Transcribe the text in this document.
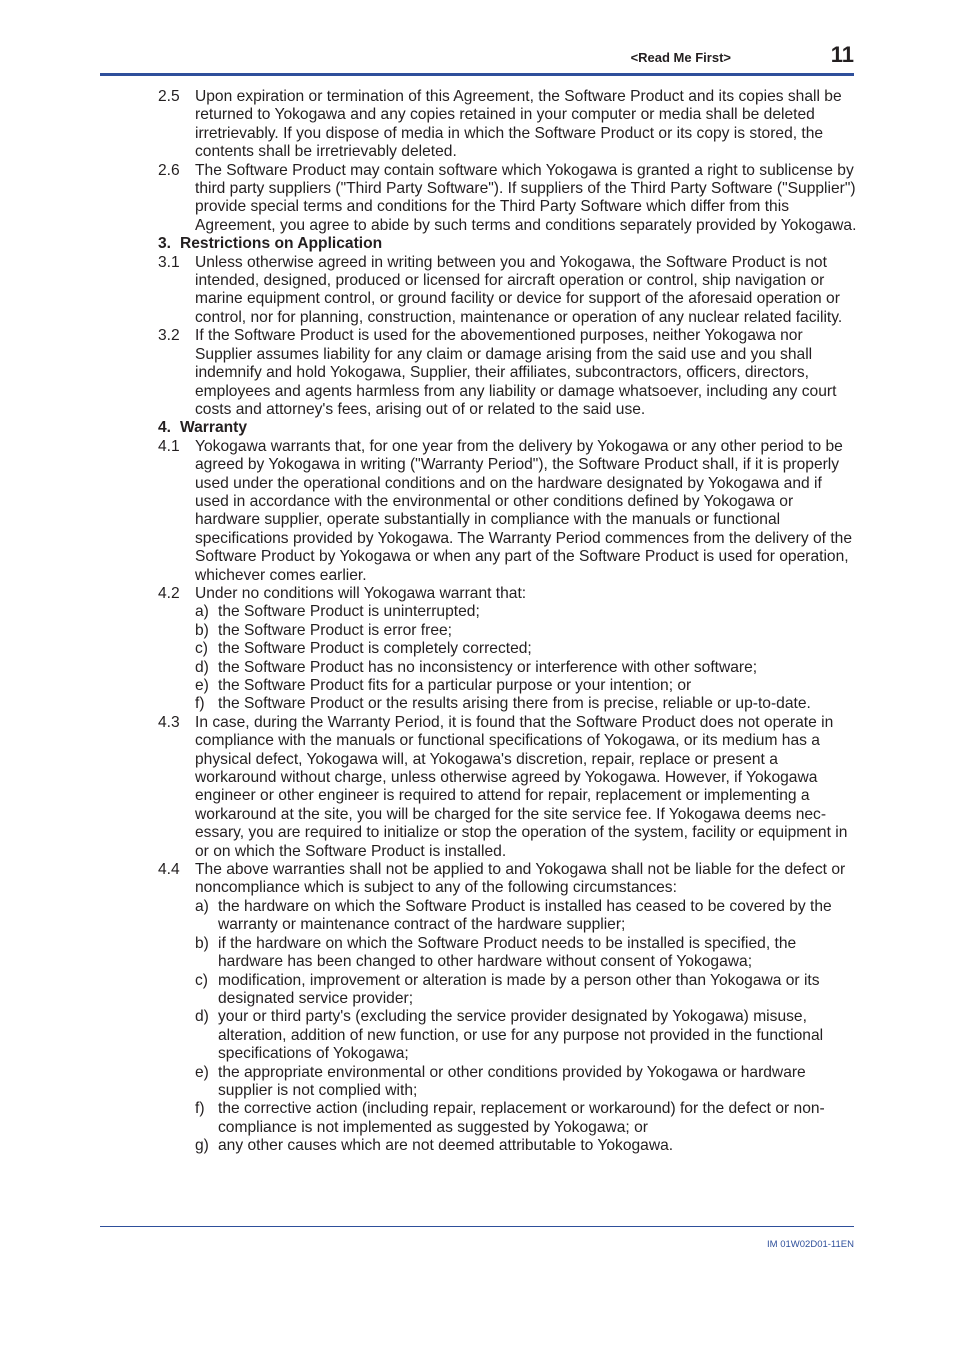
<Read Me First>	11
2.5 Upon expiration or termination of this Agreement, the Software Product and its copies shall be returned to Yokogawa and any copies retained in your computer or media shall be deleted irretrievably. If you dispose of media in which the Software Product or its copy is stored, the contents shall be irretrievably deleted.
2.6 The Software Product may contain software which Yokogawa is granted a right to sublicense by third party suppliers ("Third Party Software"). If suppliers of the Third Party Software ("Supplier") provide special terms and conditions for the Third Party Software which differ from this Agreement, you agree to abide by such terms and conditions separately provided by Yokogawa.
3. Restrictions on Application
3.1 Unless otherwise agreed in writing between you and Yokogawa, the Software Product is not intended, designed, produced or licensed for aircraft operation or control, ship navigation or marine equipment control, or ground facility or device for support of the aforesaid operation or control, nor for planning, construction, maintenance or operation of any nuclear related facility.
3.2 If the Software Product is used for the abovementioned purposes, neither Yokogawa nor Supplier assumes liability for any claim or damage arising from the said use and you shall indemnify and hold Yokogawa, Supplier, their affiliates, subcontractors, officers, directors, employees and agents harmless from any liability or damage whatsoever, including any court costs and attorney's fees, arising out of or related to the said use.
4. Warranty
4.1 Yokogawa warrants that, for one year from the delivery by Yokogawa or any other period to be agreed by Yokogawa in writing ("Warranty Period"), the Software Product shall, if it is properly used under the operational conditions and on the hardware designated by Yokogawa and if used in accordance with the environmental or other conditions defined by Yokogawa or hardware supplier, operate substantially in compliance with the manuals or functional specifications provided by Yokogawa. The Warranty Period commences from the delivery of the Software Product by Yokogawa or when any part of the Software Product is used for operation, whichever comes earlier.
4.2 Under no conditions will Yokogawa warrant that:
a) the Software Product is uninterrupted;
b) the Software Product is error free;
c) the Software Product is completely corrected;
d) the Software Product has no inconsistency or interference with other software;
e) the Software Product fits for a particular purpose or your intention; or
f) the Software Product or the results arising there from is precise, reliable or up-to-date.
4.3 In case, during the Warranty Period, it is found that the Software Product does not operate in compliance with the manuals or functional specifications of Yokogawa, or its medium has a physical defect, Yokogawa will, at Yokogawa's discretion, repair, replace or present a workaround without charge, unless otherwise agreed by Yokogawa. However, if Yokogawa engineer or other engineer is required to attend for repair, replacement or implementing a workaround at the site, you will be charged for the site service fee. If Yokogawa deems necessary, you are required to initialize or stop the operation of the system, facility or equipment in or on which the Software Product is installed.
4.4 The above warranties shall not be applied to and Yokogawa shall not be liable for the defect or noncompliance which is subject to any of the following circumstances:
a) the hardware on which the Software Product is installed has ceased to be covered by the warranty or maintenance contract of the hardware supplier;
b) if the hardware on which the Software Product needs to be installed is specified, the hardware has been changed to other hardware without consent of Yokogawa;
c) modification, improvement or alteration is made by a person other than Yokogawa or its designated service provider;
d) your or third party's (excluding the service provider designated by Yokogawa) misuse, alteration, addition of new function, or use for any purpose not provided in the functional specifications of Yokogawa;
e) the appropriate environmental or other conditions provided by Yokogawa or hardware supplier is not complied with;
f) the corrective action (including repair, replacement or workaround) for the defect or noncompliance is not implemented as suggested by Yokogawa; or
g) any other causes which are not deemed attributable to Yokogawa.
IM 01W02D01-11EN
